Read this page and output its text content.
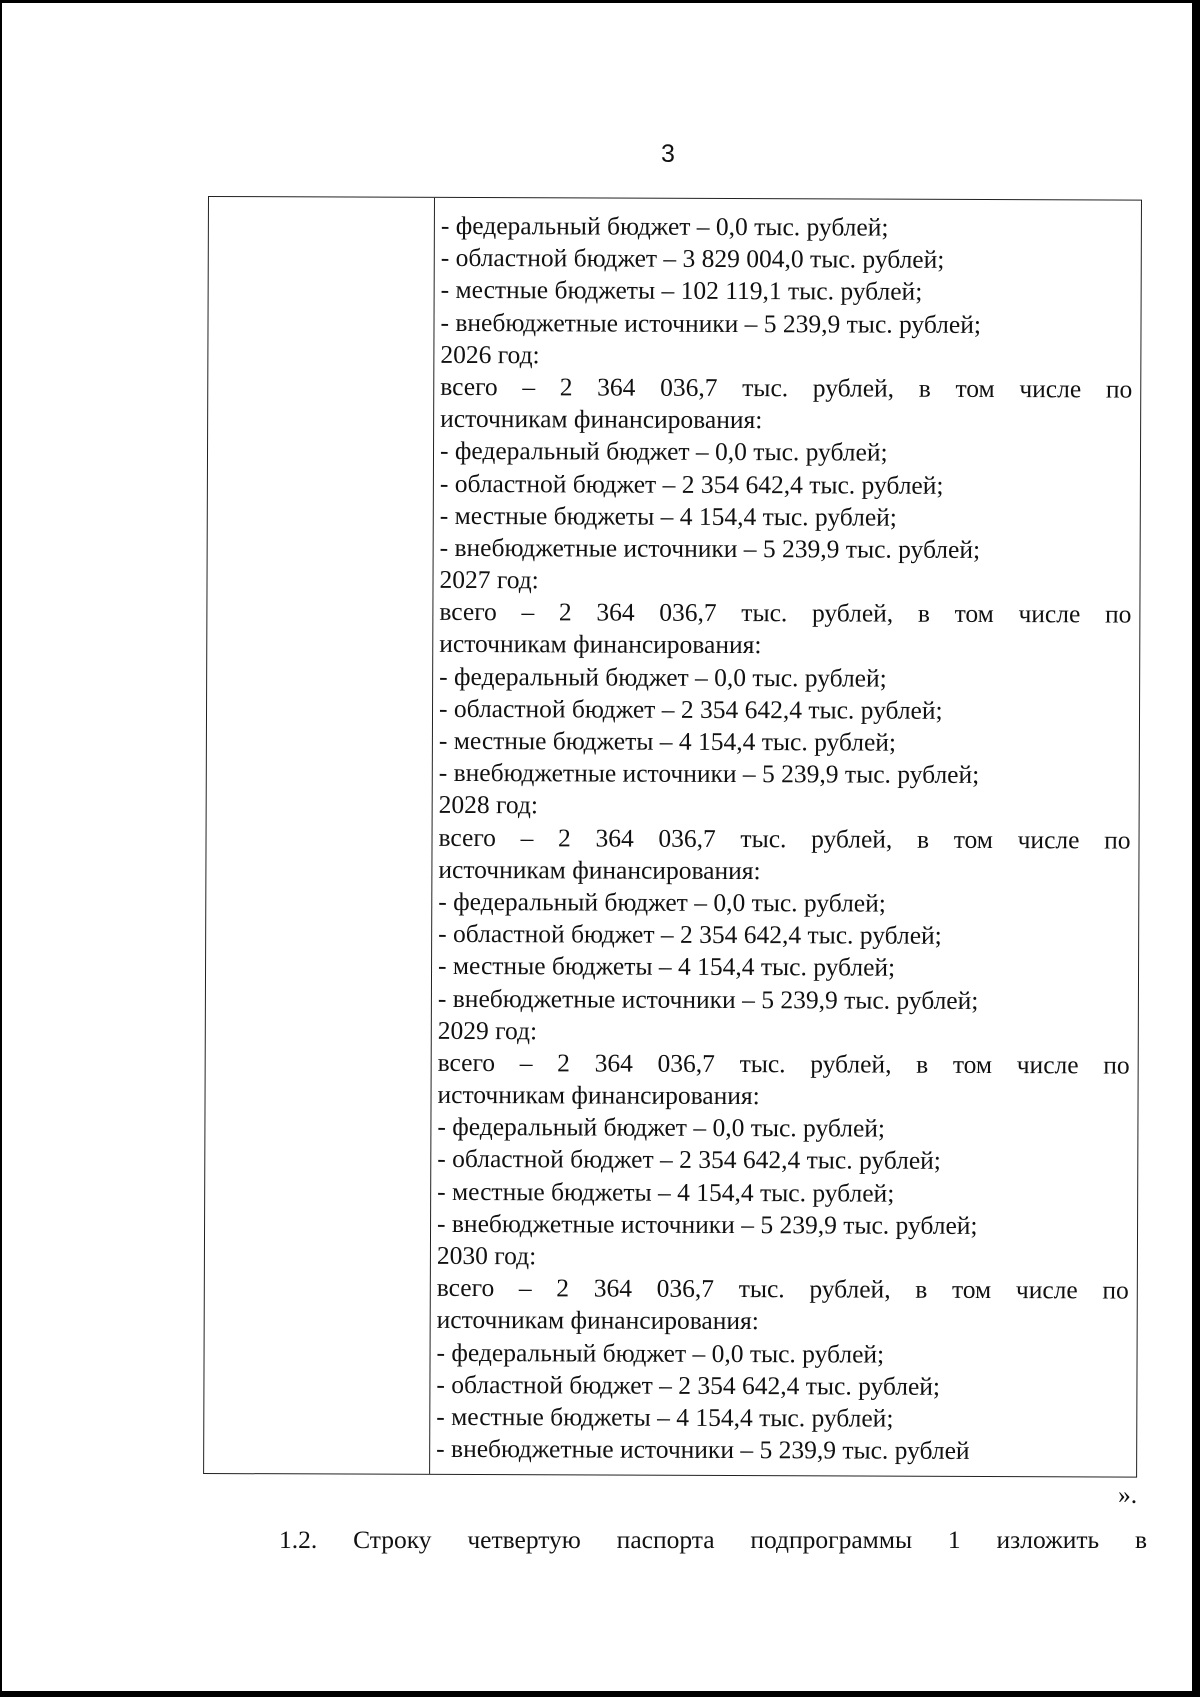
3
- федеральный бюджет – 0,0 тыс. рублей;
- областной бюджет – 3 829 004,0 тыс. рублей;
- местные бюджеты – 102 119,1 тыс. рублей;
- внебюджетные источники – 5 239,9 тыс. рублей;
2026 год:
всего – 2 364 036,7 тыс. рублей, в том числе по
источникам финансирования:
- федеральный бюджет – 0,0 тыс. рублей;
- областной бюджет – 2 354 642,4 тыс. рублей;
- местные бюджеты – 4 154,4 тыс. рублей;
- внебюджетные источники – 5 239,9 тыс. рублей;
2027 год:
всего – 2 364 036,7 тыс. рублей, в том числе по
источникам финансирования:
- федеральный бюджет – 0,0 тыс. рублей;
- областной бюджет – 2 354 642,4 тыс. рублей;
- местные бюджеты – 4 154,4 тыс. рублей;
- внебюджетные источники – 5 239,9 тыс. рублей;
2028 год:
всего – 2 364 036,7 тыс. рублей, в том числе по
источникам финансирования:
- федеральный бюджет – 0,0 тыс. рублей;
- областной бюджет – 2 354 642,4 тыс. рублей;
- местные бюджеты – 4 154,4 тыс. рублей;
- внебюджетные источники – 5 239,9 тыс. рублей;
2029 год:
всего – 2 364 036,7 тыс. рублей, в том числе по
источникам финансирования:
- федеральный бюджет – 0,0 тыс. рублей;
- областной бюджет – 2 354 642,4 тыс. рублей;
- местные бюджеты – 4 154,4 тыс. рублей;
- внебюджетные источники – 5 239,9 тыс. рублей;
2030 год:
всего – 2 364 036,7 тыс. рублей, в том числе по
источникам финансирования:
- федеральный бюджет – 0,0 тыс. рублей;
- областной бюджет – 2 354 642,4 тыс. рублей;
- местные бюджеты – 4 154,4 тыс. рублей;
- внебюджетные источники – 5 239,9 тыс. рублей
».
1.2. Строку четвертую паспорта подпрограммы 1 изложить в
